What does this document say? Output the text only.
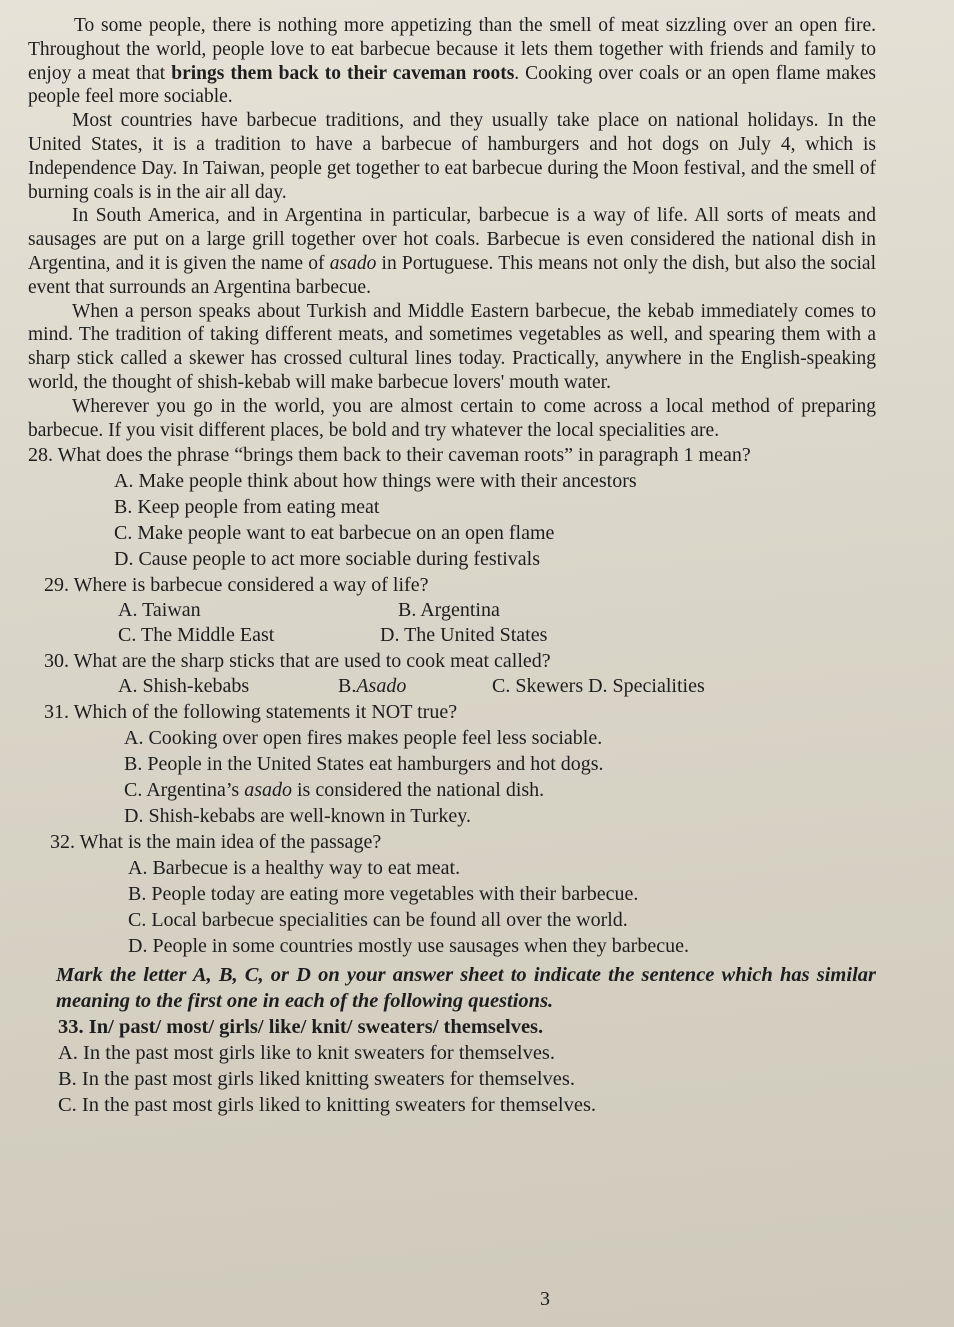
To some people, there is nothing more appetizing than the smell of meat sizzling over an open fire. Throughout the world, people love to eat barbecue because it lets them together with friends and family to enjoy a meat that brings them back to their caveman roots. Cooking over coals or an open flame makes people feel more sociable.

Most countries have barbecue traditions, and they usually take place on national holidays. In the United States, it is a tradition to have a barbecue of hamburgers and hot dogs on July 4, which is Independence Day. In Taiwan, people get together to eat barbecue during the Moon festival, and the smell of burning coals is in the air all day.

In South America, and in Argentina in particular, barbecue is a way of life. All sorts of meats and sausages are put on a large grill together over hot coals. Barbecue is even considered the national dish in Argentina, and it is given the name of asado in Portuguese. This means not only the dish, but also the social event that surrounds an Argentina barbecue.

When a person speaks about Turkish and Middle Eastern barbecue, the kebab immediately comes to mind. The tradition of taking different meats, and sometimes vegetables as well, and spearing them with a sharp stick called a skewer has crossed cultural lines today. Practically, anywhere in the English-speaking world, the thought of shish-kebab will make barbecue lovers' mouth water.

Wherever you go in the world, you are almost certain to come across a local method of preparing barbecue. If you visit different places, be bold and try whatever the local specialities are.

28. What does the phrase “brings them back to their caveman roots” in paragraph 1 mean?

A. Make people think about how things were with their ancestors

B. Keep people from eating meat

C. Make people want to eat barbecue on an open flame

D. Cause people to act more sociable during festivals

29. Where is barbecue considered a way of life?

A. Taiwan	B. Argentina
C. The Middle East	D. The United States

30. What are the sharp sticks that are used to cook meat called?

A. Shish-kebabs	B.Asado	C. Skewers D. Specialities

31. Which of the following statements it NOT true?

A. Cooking over open fires makes people feel less sociable.

B. People in the United States eat hamburgers and hot dogs.

C. Argentina’s asado is considered the national dish.

D. Shish-kebabs are well-known in Turkey.

32. What is the main idea of the passage?

A. Barbecue is a healthy way to eat meat.

B. People today are eating more vegetables with their barbecue.

C. Local barbecue specialities can be found all over the world.

D. People in some countries mostly use sausages when they barbecue.

Mark the letter A, B, C, or D on your answer sheet to indicate the sentence which has similar meaning to the first one in each of the following questions.

33. In/ past/ most/ girls/ like/ knit/ sweaters/ themselves.

A. In the past most girls like to knit sweaters for themselves.

B. In the past most girls liked knitting sweaters for themselves.

C. In the past most girls liked to knitting sweaters for themselves.

3
